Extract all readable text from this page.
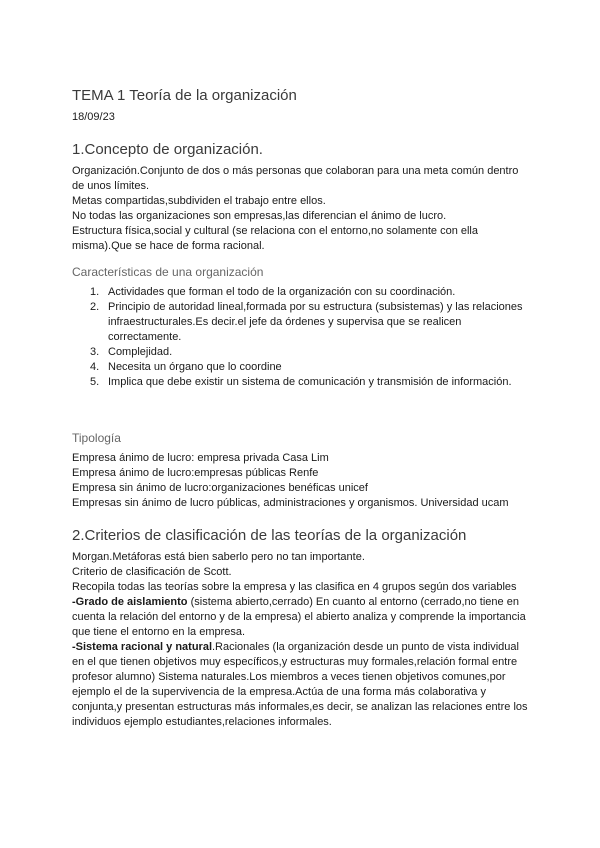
TEMA 1 Teoría de la organización
18/09/23
1.Concepto de organización.

Organización.Conjunto de dos o más personas que colaboran para una meta común dentro de unos límites.
Metas compartidas,subdividen el trabajo entre ellos.
No todas las organizaciones son empresas,las diferencian el ánimo de lucro.
Estructura física,social y cultural (se relaciona con el entorno,no solamente con ella misma).Que se hace de forma racional.

Características de una organización
1. Actividades que forman el todo de la organización con su coordinación.
2. Principio de autoridad lineal,formada por su estructura (subsistemas) y las relaciones infraestructurales.Es decir.el jefe da órdenes y supervisa que se realicen correctamente.
3. Complejidad.
4. Necesita un órgano que lo coordine
5. Implica que debe existir un sistema de comunicación y transmisión de información.
Tipología

Empresa ánimo de lucro: empresa privada Casa Lim
Empresa ánimo de lucro:empresas públicas Renfe
Empresa sin ánimo de lucro:organizaciones benéficas unicef
Empresas sin ánimo de lucro públicas, administraciones y organismos. Universidad ucam

2.Criterios de clasificación de las teorías de la organización

Morgan.Metáforas está bien saberlo pero no tan importante.
Criterio de clasificación de Scott.
Recopila todas las teorías sobre la empresa y las clasifica en 4 grupos según dos variables
-Grado de aislamiento (sistema abierto,cerrado) En cuanto al entorno (cerrado,no tiene en cuenta la relación del entorno y de la empresa) el abierto analiza y comprende la importancia que tiene el entorno en la empresa.
-Sistema racional y natural.Racionales (la organización desde un punto de vista individual en el que tienen objetivos muy específicos,y estructuras muy formales,relación formal entre profesor alumno) Sistema naturales.Los miembros a veces tienen objetivos comunes,por ejemplo el de la supervivencia de la empresa.Actúa de una forma más colaborativa y conjunta,y presentan estructuras más informales,es decir, se analizan las relaciones entre los individuos ejemplo estudiantes,relaciones informales.
